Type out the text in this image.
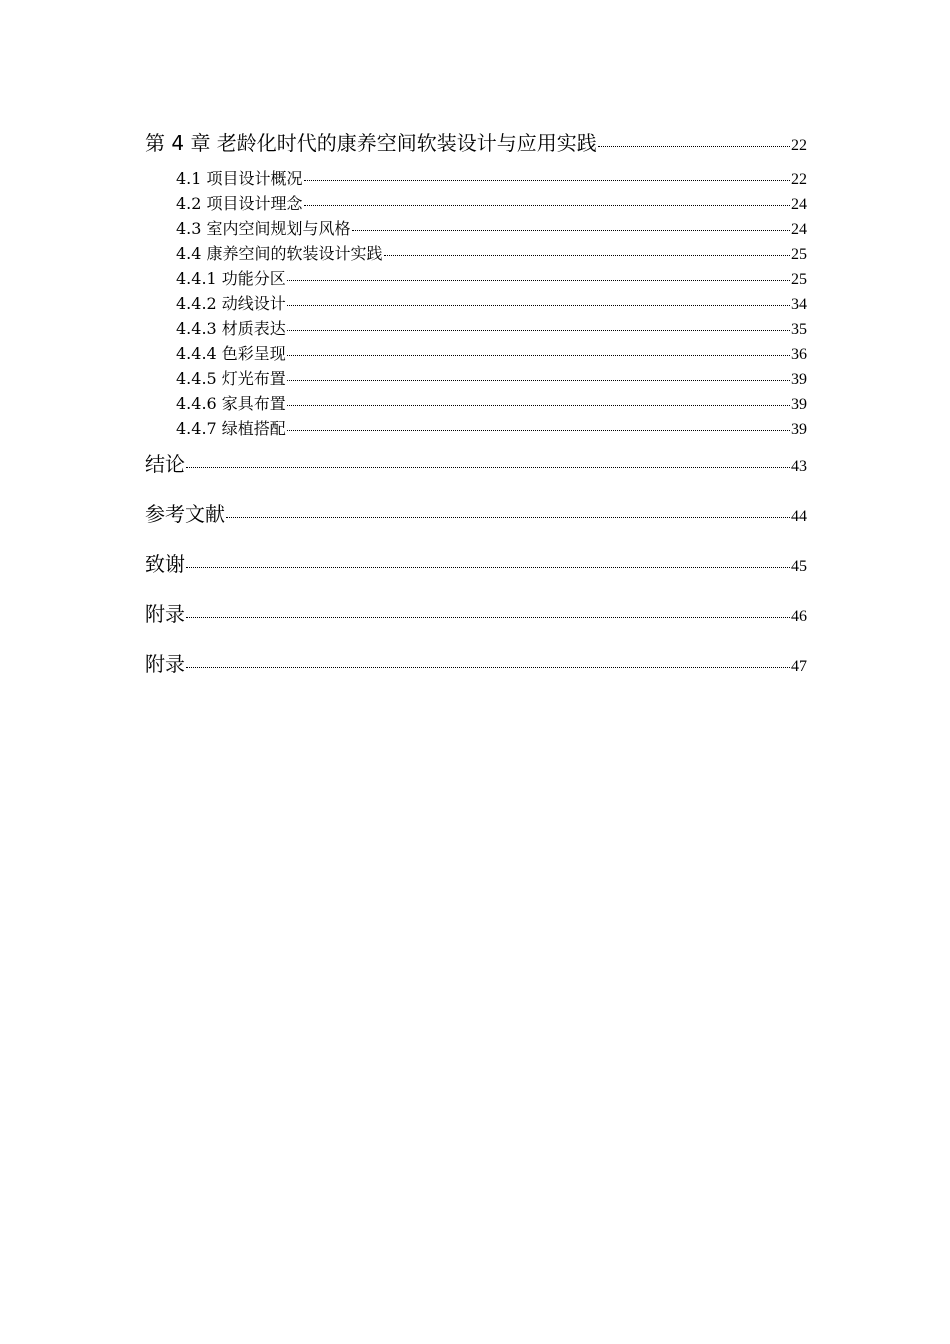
第 4 章 老龄化时代的康养空间软装设计与应用实践	22
4.1 项目设计概况	22
4.2 项目设计理念	24
4.3 室内空间规划与风格	24
4.4 康养空间的软装设计实践	25
4.4.1 功能分区	25
4.4.2 动线设计	34
4.4.3 材质表达	35
4.4.4 色彩呈现	36
4.4.5 灯光布置	39
4.4.6 家具布置	39
4.4.7 绿植搭配	39
结论	43
参考文献	44
致谢	45
附录	46
附录	47
